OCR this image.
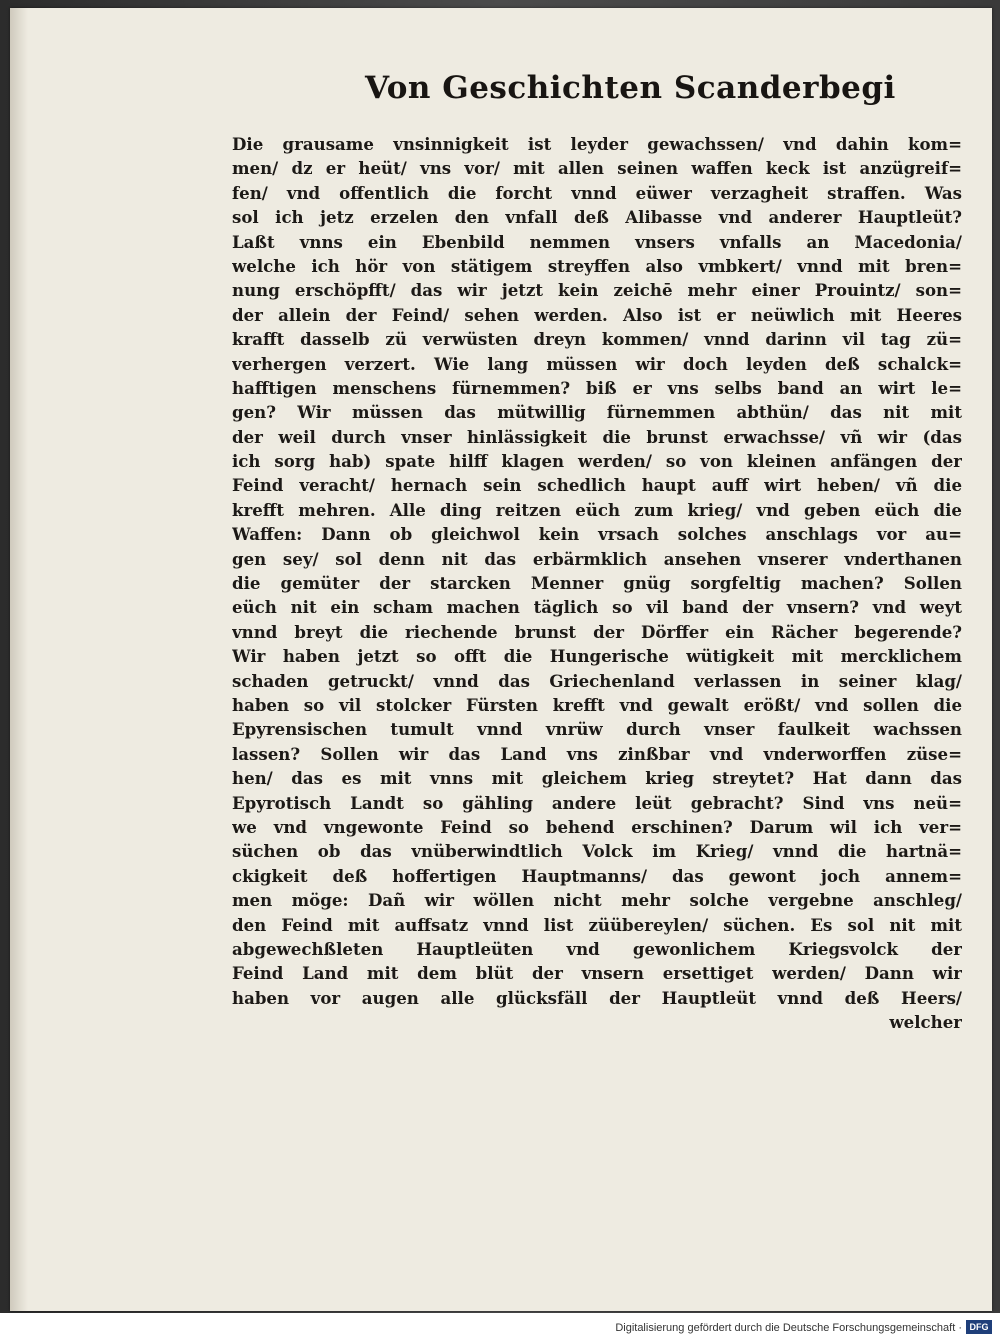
Von Geschichten Scanderbegi
Die grausame vnsinnigkeit ist leyder gewachssen/ vnd dahin kom=
men/ dz er heüt/ vns vor/ mit allen seinen waffen keck ist anzügreif=
fen/ vnd offentlich die forcht vnnd eüwer verzagheit straffen. Was
sol ich jetz erzelen den vnfall deß Alibasse vnd anderer Hauptleüt?
Laßt vnns ein Ebenbild nemmen vnsers vnfalls an Macedonia/
welche ich hör von stätigem streyffen also vmbkert/ vnnd mit bren=
nung erschöpfft/ das wir jetzt kein zeichē mehr einer Prouintz/ son=
der allein der Feind/ sehen werden. Also ist er neüwlich mit Heeres
krafft dasselb zü verwüsten dreyn kommen/ vnnd darinn vil tag zü=
verhergen verzert. Wie lang müssen wir doch leyden deß schalck=
hafftigen menschens fürnemmen? biß er vns selbs band an wirt le=
gen? Wir müssen das mütwillig fürnemmen abthün/ das nit mit
der weil durch vnser hinlässigkeit die brunst erwachsse/ vñ wir (das
ich sorg hab) spate hilff klagen werden/ so von kleinen anfängen der
Feind veracht/ hernach sein schedlich haupt auff wirt heben/ vñ die
krefft mehren. Alle ding reitzen eüch zum krieg/ vnd geben eüch die
Waffen: Dann ob gleichwol kein vrsach solches anschlags vor au=
gen sey/ sol denn nit das erbärmklich ansehen vnserer vnderthanen
die gemüter der starcken Menner gnüg sorgfeltig machen? Sollen
eüch nit ein scham machen täglich so vil band der vnsern? vnd weyt
vnnd breyt die riechende brunst der Dörffer ein Rächer begerende?
Wir haben jetzt so offt die Hungerische wütigkeit mit mercklichem
schaden getruckt/ vnnd das Griechenland verlassen in seiner klag/
haben so vil stolcker Fürsten krefft vnd gewalt erößt/ vnd sollen die
Epyrensischen tumult vnnd vnrüw durch vnser faulkeit wachssen
lassen? Sollen wir das Land vns zinßbar vnd vnderworffen züse=
hen/ das es mit vnns mit gleichem krieg streytet? Hat dann das
Epyrotisch Landt so gähling andere leüt gebracht? Sind vns neü=
we vnd vngewonte Feind so behend erschinen? Darum wil ich ver=
süchen ob das vnüberwindtlich Volck im Krieg/ vnnd die hartnä=
ckigkeit deß hoffertigen Hauptmanns/ das gewont joch annem=
men möge: Dañ wir wöllen nicht mehr solche vergebne anschleg/
den Feind mit auffsatz vnnd list züübereylen/ süchen. Es sol nit mit
abgewechßleten Hauptleüten vnd gewonlichem Kriegsvolck der
Feind Land mit dem blüt der vnsern ersettiget werden/ Dann wir
haben vor augen alle glücksfäll der Hauptleüt vnnd deß Heers/
welcher
Digitalisierung gefördert durch die Deutsche Forschungsgemeinschaft · DFG
